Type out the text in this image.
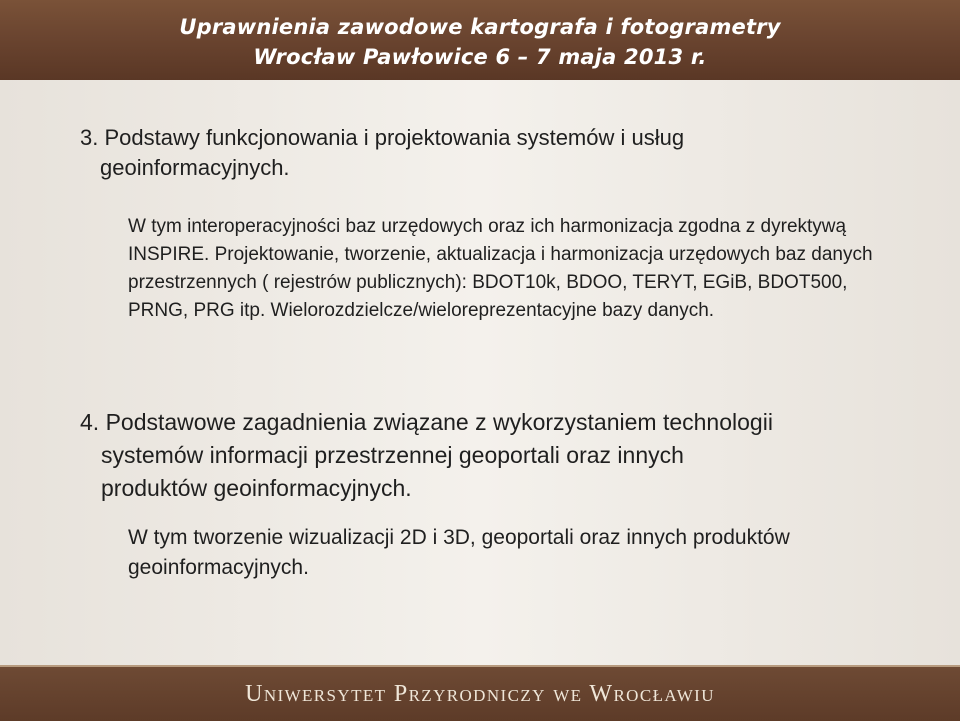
Uprawnienia zawodowe kartografa i fotogrametry
Wrocław Pawłowice 6 – 7 maja 2013 r.
3. Podstawy funkcjonowania i projektowania systemów i usług
geoinformacyjnych.
W tym interoperacyjności baz urzędowych oraz ich harmonizacja zgodna z dyrektywą INSPIRE. Projektowanie, tworzenie, aktualizacja i harmonizacja urzędowych baz danych przestrzennych ( rejestrów publicznych): BDOT10k, BDOO, TERYT, EGiB, BDOT500, PRNG, PRG itp. Wielorozdzielcze/wieloreprezentacyjne bazy danych.
4. Podstawowe zagadnienia związane z wykorzystaniem technologii
systemów informacji przestrzennej geoportali oraz innych
produktów geoinformacyjnych.
W tym tworzenie wizualizacji 2D i 3D, geoportali oraz innych produktów geoinformacyjnych.
Uniwersytet Przyrodniczy we Wrocławiu
